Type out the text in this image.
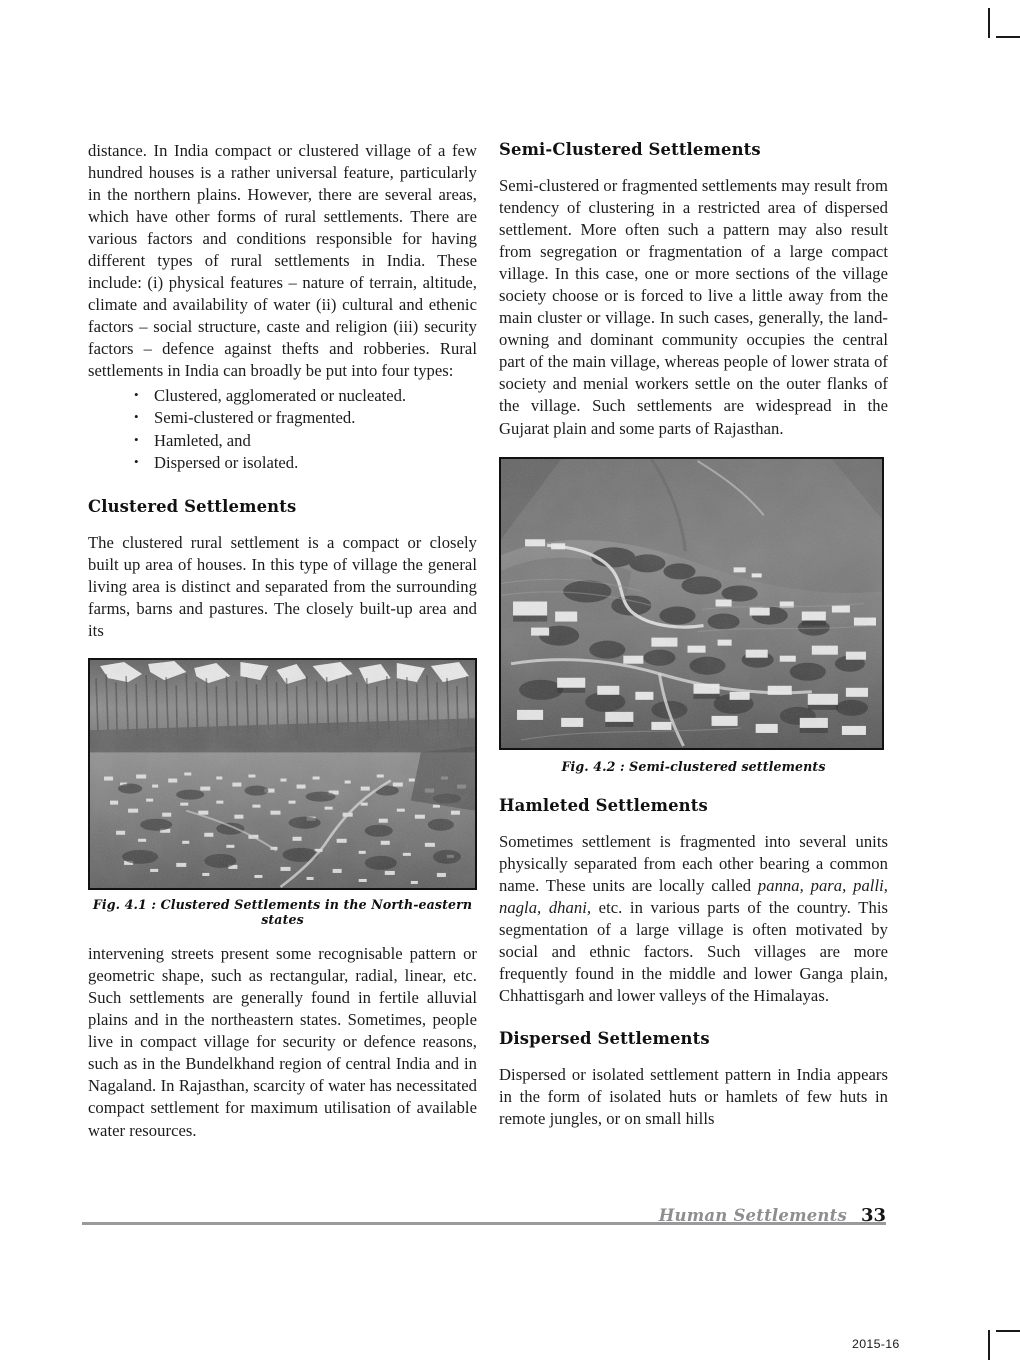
distance. In India compact or clustered village of a few hundred houses is a rather universal feature, particularly in the northern plains. However, there are several areas, which have other forms of rural settlements. There are various factors and conditions responsible for having different types of rural settlements in India. These include: (i) physical features – nature of terrain, altitude, climate and availability of water (ii) cultural and ethenic factors – social structure, caste and religion (iii) security factors – defence against thefts and robberies. Rural settlements in India can broadly be put into four types:

• Clustered, agglomerated or nucleated.
• Semi-clustered or fragmented.
• Hamleted, and
• Dispersed or isolated.
Clustered Settlements

The clustered rural settlement is a compact or closely built up area of houses. In this type of village the general living area is distinct and separated from the surrounding farms, barns and pastures. The closely built-up area and its

Fig. 4.1 : Clustered Settlements in the North-eastern states

intervening streets present some recognisable pattern or geometric shape, such as rectangular, radial, linear, etc. Such settlements are generally found in fertile alluvial plains and in the northeastern states. Sometimes, people live in compact village for security or defence reasons, such as in the Bundelkhand region of central India and in Nagaland. In Rajasthan, scarcity of water has necessitated compact settlement for maximum utilisation of available water resources.

Semi-Clustered Settlements

Semi-clustered or fragmented settlements may result from tendency of clustering in a restricted area of dispersed settlement. More often such a pattern may also result from segregation or fragmentation of a large compact village. In this case, one or more sections of the village society choose or is forced to live a little away from the main cluster or village. In such cases, generally, the land-owning and dominant community occupies the central part of the main village, whereas people of lower strata of society and menial workers settle on the outer flanks of the village. Such settlements are widespread in the Gujarat plain and some parts of Rajasthan.

Fig. 4.2 : Semi-clustered settlements
Hamleted Settlements

Sometimes settlement is fragmented into several units physically separated from each other bearing a common name. These units are locally called panna, para, palli, nagla, dhani, etc. in various parts of the country. This segmentation of a large village is often motivated by social and ethnic factors. Such villages are more frequently found in the middle and lower Ganga plain, Chhattisgarh and lower valleys of the Himalayas.

Dispersed Settlements

Dispersed or isolated settlement pattern in India appears in the form of isolated huts or hamlets of few huts in remote jungles, or on small hills

Human Settlements 33
2015-16
